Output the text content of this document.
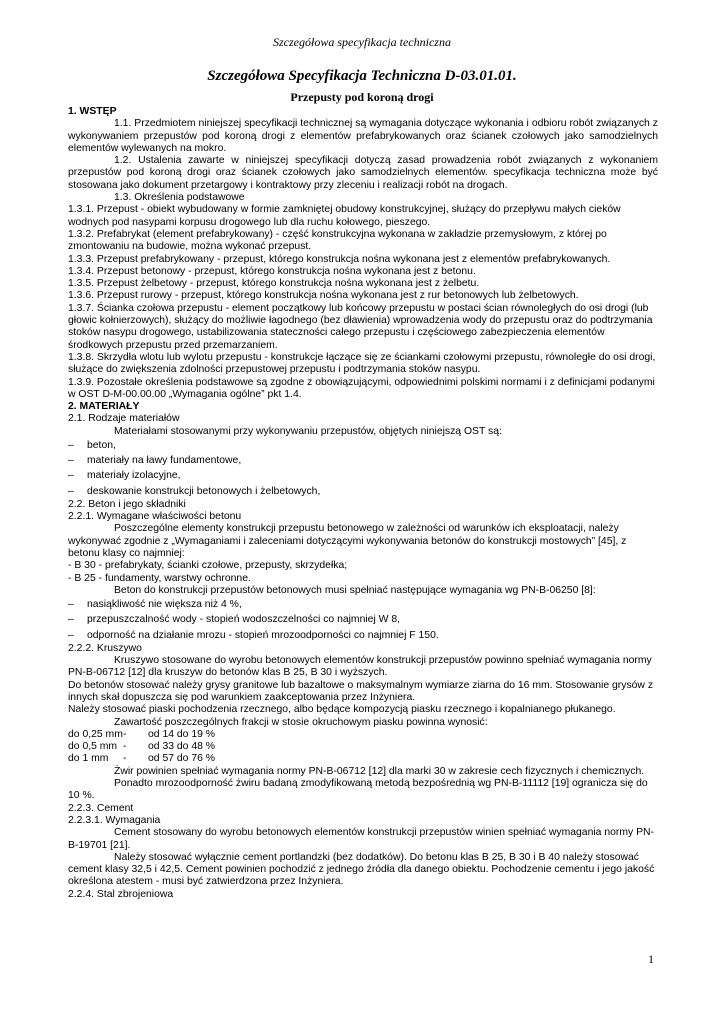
Szczegółowa specyfikacja techniczna
Szczegółowa Specyfikacja Techniczna D-03.01.01.
Przepusty pod koroną drogi
1. WSTĘP

1.1. Przedmiotem niniejszej specyfikacji technicznej są wymagania dotyczące wykonania i odbioru robót związanych z wykonywaniem przepustów pod koroną drogi z elementów prefabrykowanych oraz ścianek czołowych jako samodzielnych elementów wylewanych na mokro.

1.2. Ustalenia zawarte w niniejszej specyfikacji dotyczą zasad prowadzenia robót związanych z wykonaniem przepustów pod koroną drogi oraz ścianek czołowych jako samodzielnych elementów. specyfikacja techniczna może być stosowana jako dokument przetargowy i kontraktowy przy zleceniu i realizacji robót na drogach.

1.3. Określenia podstawowe

1.3.1. Przepust - obiekt wybudowany w formie zamkniętej obudowy konstrukcyjnej, służący do przepływu małych cieków wodnych pod nasypami korpusu drogowego lub dla ruchu kołowego, pieszego.

1.3.2. Prefabrykat (element prefabrykowany) - część konstrukcyjna wykonana w zakładzie przemysłowym, z której po zmontowaniu na budowie, można wykonać przepust.

1.3.3. Przepust prefabrykowany - przepust, którego konstrukcja nośna wykonana jest z elementów prefabrykowanych.

1.3.4. Przepust betonowy - przepust, którego konstrukcja nośna wykonana jest z betonu.

1.3.5. Przepust żelbetowy - przepust, którego konstrukcja nośna wykonana jest z żelbetu.

1.3.6. Przepust rurowy - przepust, którego konstrukcja nośna wykonana jest z rur betonowych lub żelbetowych.

1.3.7. Ścianka czołowa przepustu - element początkowy lub końcowy przepustu w postaci ścian równoległych do osi drogi (lub głowic kołnierzowych), służący do możliwie łagodnego (bez dławienia) wprowadzenia wody do przepustu oraz do podtrzymania stoków nasypu drogowego, ustabilizowania stateczności całego przepustu i częściowego zabezpieczenia elementów środkowych przepustu przed przemarzaniem.

1.3.8. Skrzydła wlotu lub wylotu przepustu - konstrukcje łączące się ze ściankami czołowymi przepustu, równoległe do osi drogi, służące do zwiększenia zdolności przepustowej przepustu i podtrzymania stoków nasypu.

1.3.9. Pozostałe określenia podstawowe są zgodne z obowiązującymi, odpowiednimi polskimi normami i z definicjami podanymi w OST D-M-00.00.00 „Wymagania ogólne” pkt 1.4.

2. MATERIAŁY
2.1. Rodzaje materiałów

Materiałami stosowanymi przy wykonywaniu przepustów, objętych niniejszą OST są:

– beton,
– materiały na ławy fundamentowe,
– materiały izolacyjne,
– deskowanie konstrukcji betonowych i żelbetowych,
2.2. Beton i jego składniki
2.2.1. Wymagane właściwości betonu

Poszczególne elementy konstrukcji przepustu betonowego w zależności od warunków ich eksploatacji, należy wykonywać zgodnie z „Wymaganiami i zaleceniami dotyczącymi wykonywania betonów do konstrukcji mostowych” [45], z betonu klasy co najmniej:

- B 30 - prefabrykaty, ścianki czołowe, przepusty, skrzydełka;
- B 25 - fundamenty, warstwy ochronne.

Beton do konstrukcji przepustów betonowych musi spełniać następujące wymagania wg PN-B-06250 [8]:

– nasiąkliwość nie większa niż 4 %,
– przepuszczalność wody - stopień wodoszczelności co najmniej W 8,
– odporność na działanie mrozu - stopień mrozoodporności co najmniej F 150.
2.2.2. Kruszywo

Kruszywo stosowane do wyrobu betonowych elementów konstrukcji przepustów powinno spełniać wymagania normy PN-B-06712 [12] dla kruszyw do betonów klas B 25, B 30 i wyższych.

Do betonów stosować należy grysy granitowe lub bazaltowe o maksymalnym wymiarze ziarna do 16 mm. Stosowanie grysów z innych skał dopuszcza się pod warunkiem zaakceptowania przez Inżyniera.

Należy stosować piaski pochodzenia rzecznego, albo będące kompozycją piasku rzecznego i kopalnianego płukanego.

Zawartość poszczególnych frakcji w stosie okruchowym piasku powinna wynosić:

do 0,25 mm- od 14 do 19 %
do 0,5 mm - od 33 do 48 %
do 1 mm - od 57 do 76 %

Żwir powinien spełniać wymagania normy PN-B-06712 [12] dla marki 30 w zakresie cech fizycznych i chemicznych.

Ponadto mrozoodporność żwiru badaną zmodyfikowaną metodą bezpośrednią wg PN-B-11112 [19] ogranicza się do 10 %.

2.2.3. Cement
2.2.3.1. Wymagania

Cement stosowany do wyrobu betonowych elementów konstrukcji przepustów winien spełniać wymagania normy PN-B-19701 [21].

Należy stosować wyłącznie cement portlandzki (bez dodatków). Do betonu klas B 25, B 30 i B 40 należy stosować cement klasy 32,5 i 42,5. Cement powinien pochodzić z jednego źródła dla danego obiektu. Pochodzenie cementu i jego jakość określona atestem - musi być zatwierdzona przez Inżyniera.

2.2.4. Stal zbrojeniowa
1
